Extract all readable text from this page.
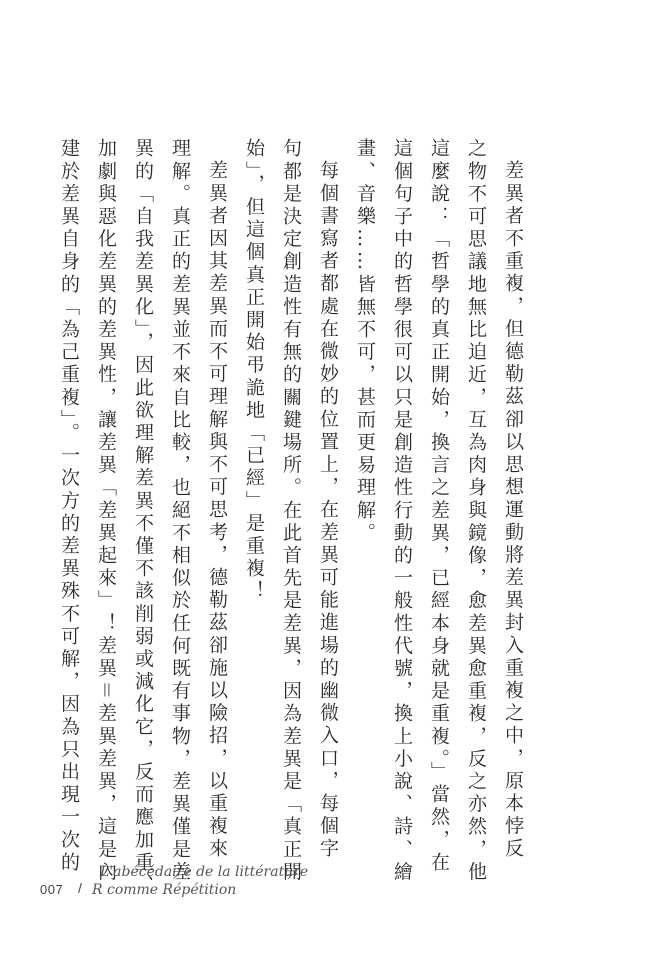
差異者不重複，但德勒茲卻以思想運動將差異封入重複之中，原本悖反
之物不可思議地無比迫近，互為肉身與鏡像，愈差異愈重複，反之亦然，他
這麼說：「哲學的真正開始，換言之差異，已經本身就是重複。」當然，在
這個句子中的哲學很可以只是創造性行動的一般性代號，換上小說、詩、繪
畫、音樂……皆無不可，甚而更易理解。
每個書寫者都處在微妙的位置上，在差異可能進場的幽微入口，每個字
句都是決定創造性有無的關鍵場所。在此首先是差異，因為差異是「真正開
始」，但這個真正開始弔詭地「已經」是重複！
差異者因其差異而不可理解與不可思考，德勒茲卻施以險招，以重複來
理解。真正的差異並不來自比較，也絕不相似於任何既有事物，差異僅是差
異的「自我差異化」，因此欲理解差異不僅不該削弱或減化它，反而應加重、
加劇與惡化差異的差異性，讓差異「差異起來」！差異＝差異差異，這是內
建於差異自身的「為己重複」。一次方的差異殊不可解，因為只出現一次的
007 /
L'abécédaire de la littérature
R comme Répétition
